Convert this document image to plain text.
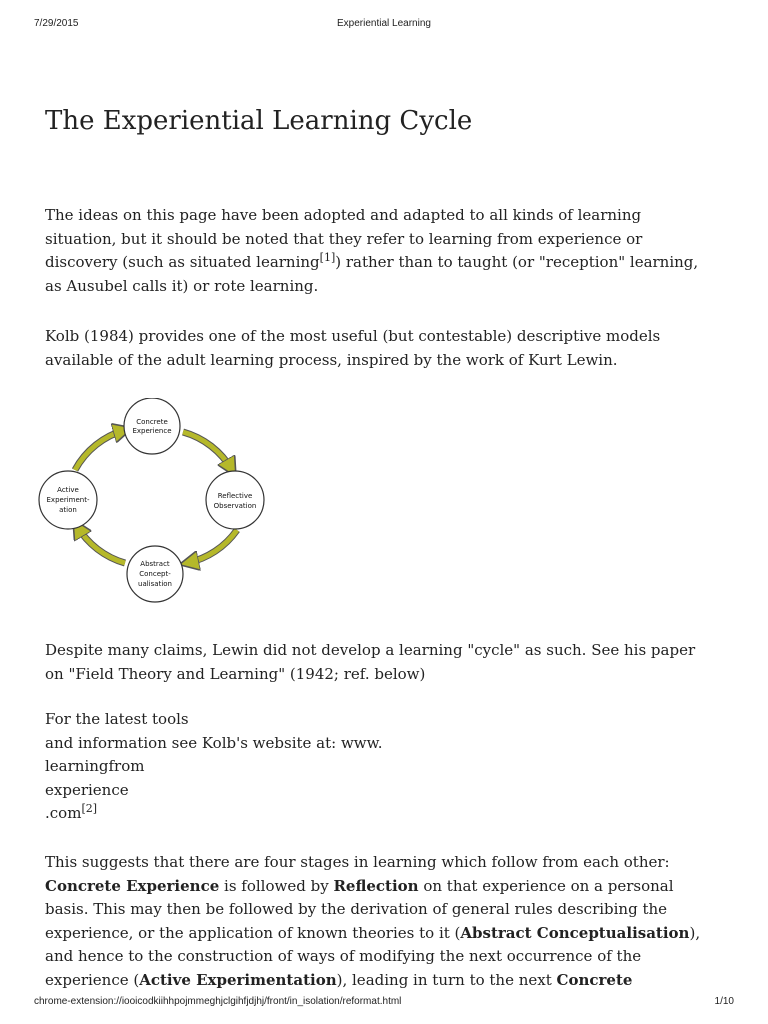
7/29/2015	Experiential Learning
The Experiential Learning Cycle

The ideas on this page have been adopted and adapted to all kinds of learning
situation, but it should be noted that they refer to learning from experience or
discovery (such as situated learning[1]) rather than to taught (or "reception" learning,
as Ausubel calls it) or rote learning.

Kolb (1984) provides one of the most useful (but contestable) descriptive models
available of the adult learning process, inspired by the work of Kurt Lewin.

Despite many claims, Lewin did not develop a learning "cycle" as such. See his paper
on "Field Theory and Learning" (1942; ref. below)

For the latest tools
and information see Kolb's website at: www.
learningfrom
experience
.com[2]

This suggests that there are four stages in learning which follow from each other:
Concrete Experience is followed by Reflection on that experience on a personal
basis. This may then be followed by the derivation of general rules describing the
experience, or the application of known theories to it (Abstract Conceptualisation),
and hence to the construction of ways of modifying the next occurrence of the
experience (Active Experimentation), leading in turn to the next Concrete

Concrete
Experience
Reflective
Observation
Abstract
Concept-
ualisation
Active
Experiment-
ation
chrome-extension://iooicodkiihhpojmmeghjclgihfjdjhj/front/in_isolation/reformat.html	1/10
